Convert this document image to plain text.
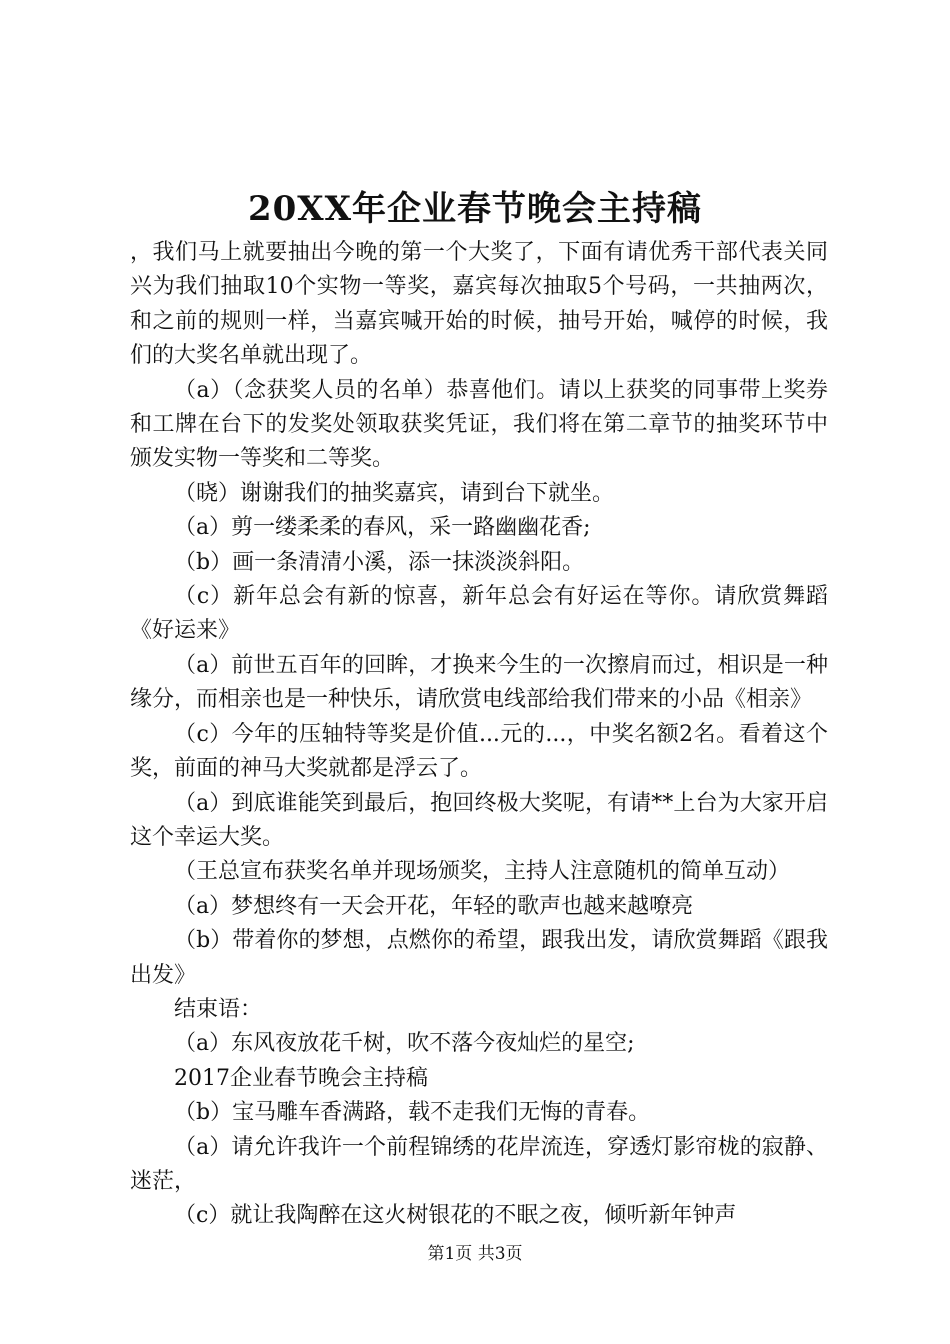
20XX年企业春节晚会主持稿

，我们马上就要抽出今晚的第一个大奖了，下面有请优秀干部代表关同兴为我们抽取10个实物一等奖，嘉宾每次抽取5个号码，一共抽两次，和之前的规则一样，当嘉宾喊开始的时候，抽号开始，喊停的时候，我们的大奖名单就出现了。

（a）（念获奖人员的名单）恭喜他们。请以上获奖的同事带上奖券和工牌在台下的发奖处领取获奖凭证，我们将在第二章节的抽奖环节中颁发实物一等奖和二等奖。

（晓）谢谢我们的抽奖嘉宾，请到台下就坐。

（a）剪一缕柔柔的春风，采一路幽幽花香;

（b）画一条清清小溪，添一抹淡淡斜阳。

（c）新年总会有新的惊喜，新年总会有好运在等你。请欣赏舞蹈《好运来》

（a）前世五百年的回眸，才换来今生的一次擦肩而过，相识是一种缘分，而相亲也是一种快乐，请欣赏电线部给我们带来的小品《相亲》

（c）今年的压轴特等奖是价值...元的...，中奖名额2名。看着这个奖，前面的神马大奖就都是浮云了。

（a）到底谁能笑到最后，抱回终极大奖呢，有请**上台为大家开启这个幸运大奖。

（王总宣布获奖名单并现场颁奖，主持人注意随机的简单互动）

（a）梦想终有一天会开花，年轻的歌声也越来越嘹亮

（b）带着你的梦想，点燃你的希望，跟我出发，请欣赏舞蹈《跟我出发》

结束语：

（a）东风夜放花千树，吹不落今夜灿烂的星空;

2017企业春节晚会主持稿

（b）宝马雕车香满路，载不走我们无悔的青春。

（a）请允许我许一个前程锦绣的花岸流连，穿透灯影帘栊的寂静、迷茫，

（c）就让我陶醉在这火树银花的不眠之夜，倾听新年钟声

第1页 共3页
